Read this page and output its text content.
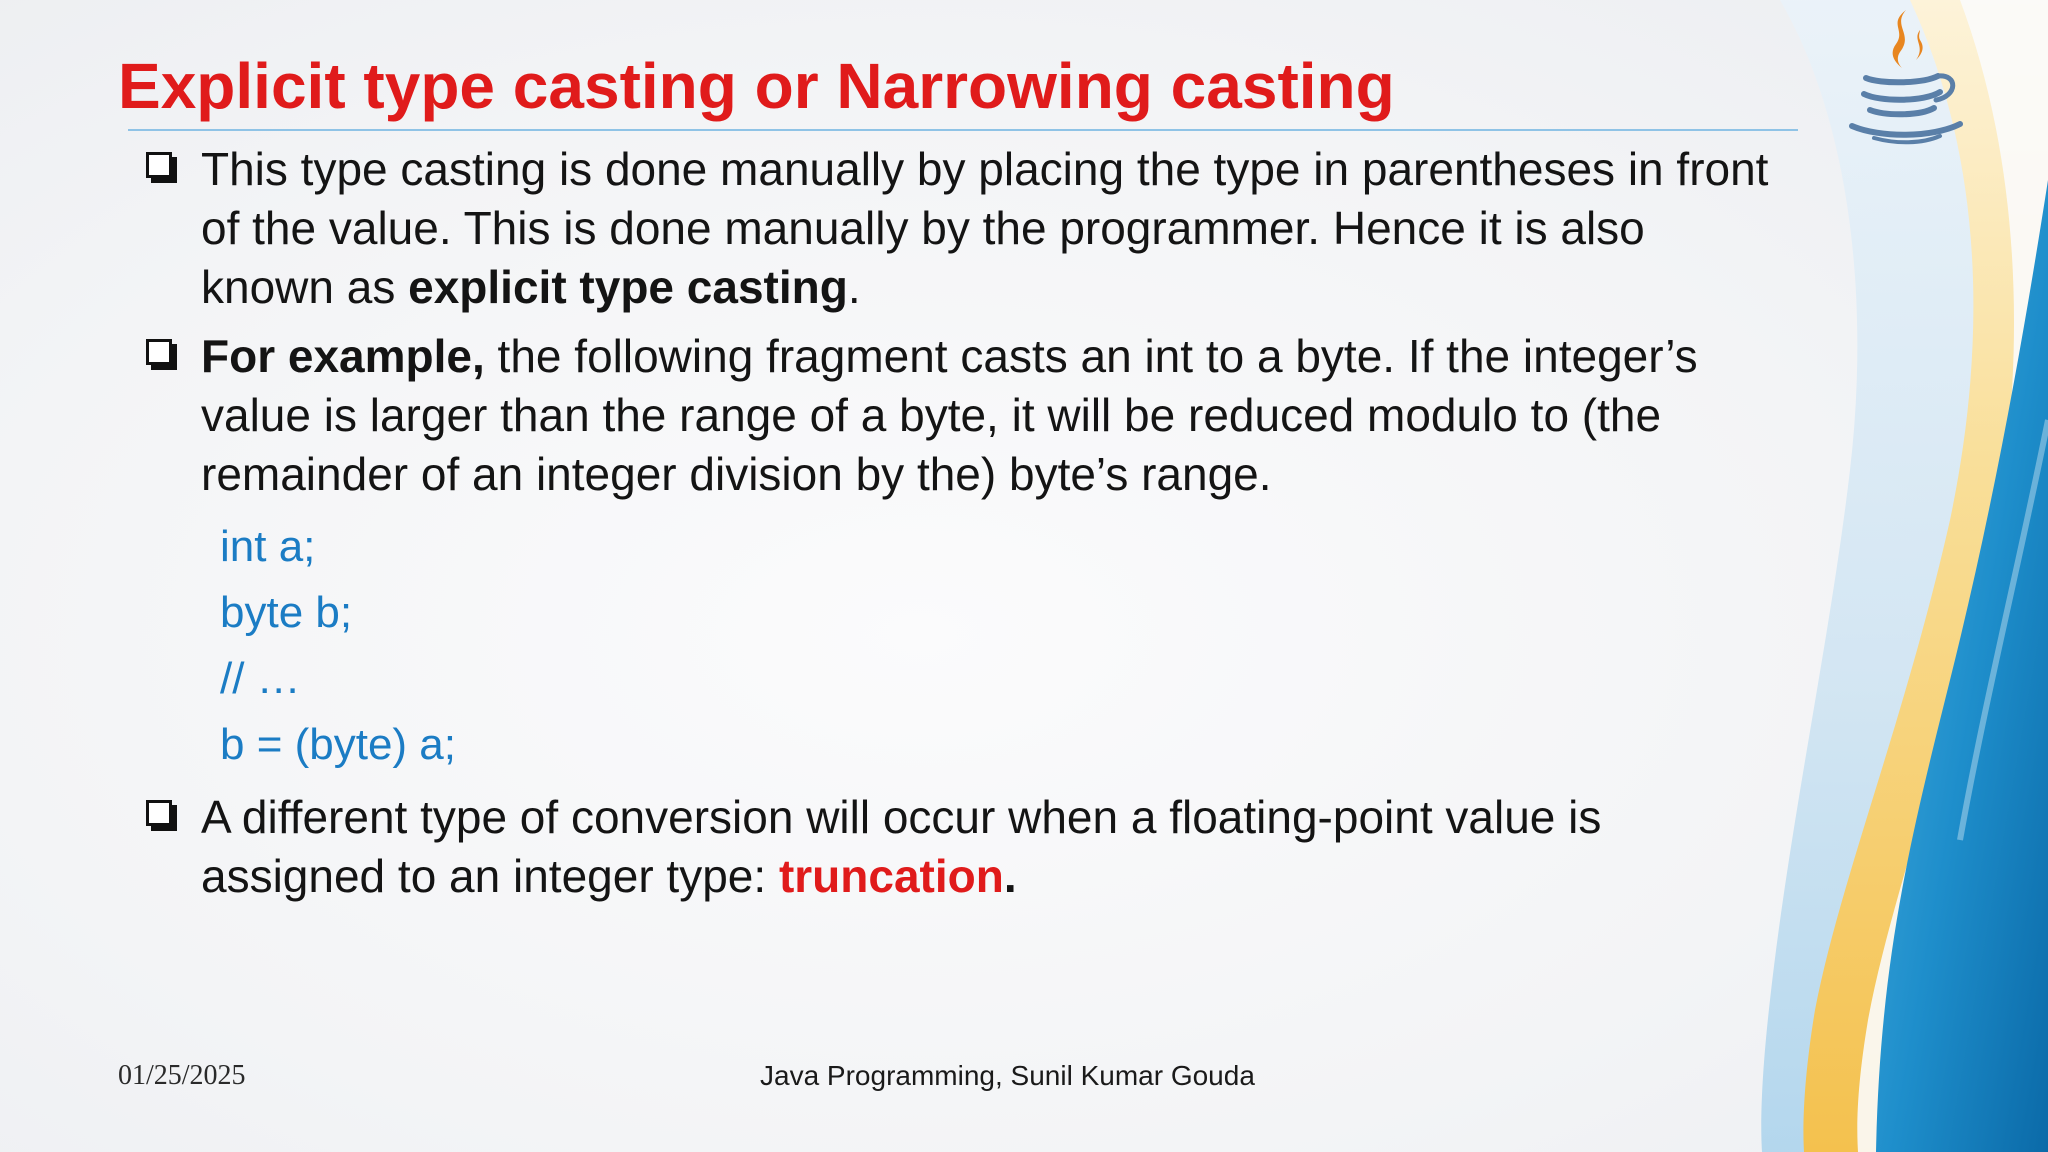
Explicit type casting or Narrowing casting
This type casting is done manually by placing the type in parentheses in front of the value. This is done manually by the programmer. Hence it is also known as explicit type casting.
For example, the following fragment casts an int to a byte. If the integer’s value is larger than the range of a byte, it will be reduced modulo to (the remainder of an integer division by the) byte’s range.
int a;
byte b;
// …
b = (byte) a;
A different type of conversion will occur when a floating-point value is assigned to an integer type: truncation.
01/25/2025	Java Programming, Sunil Kumar Gouda
